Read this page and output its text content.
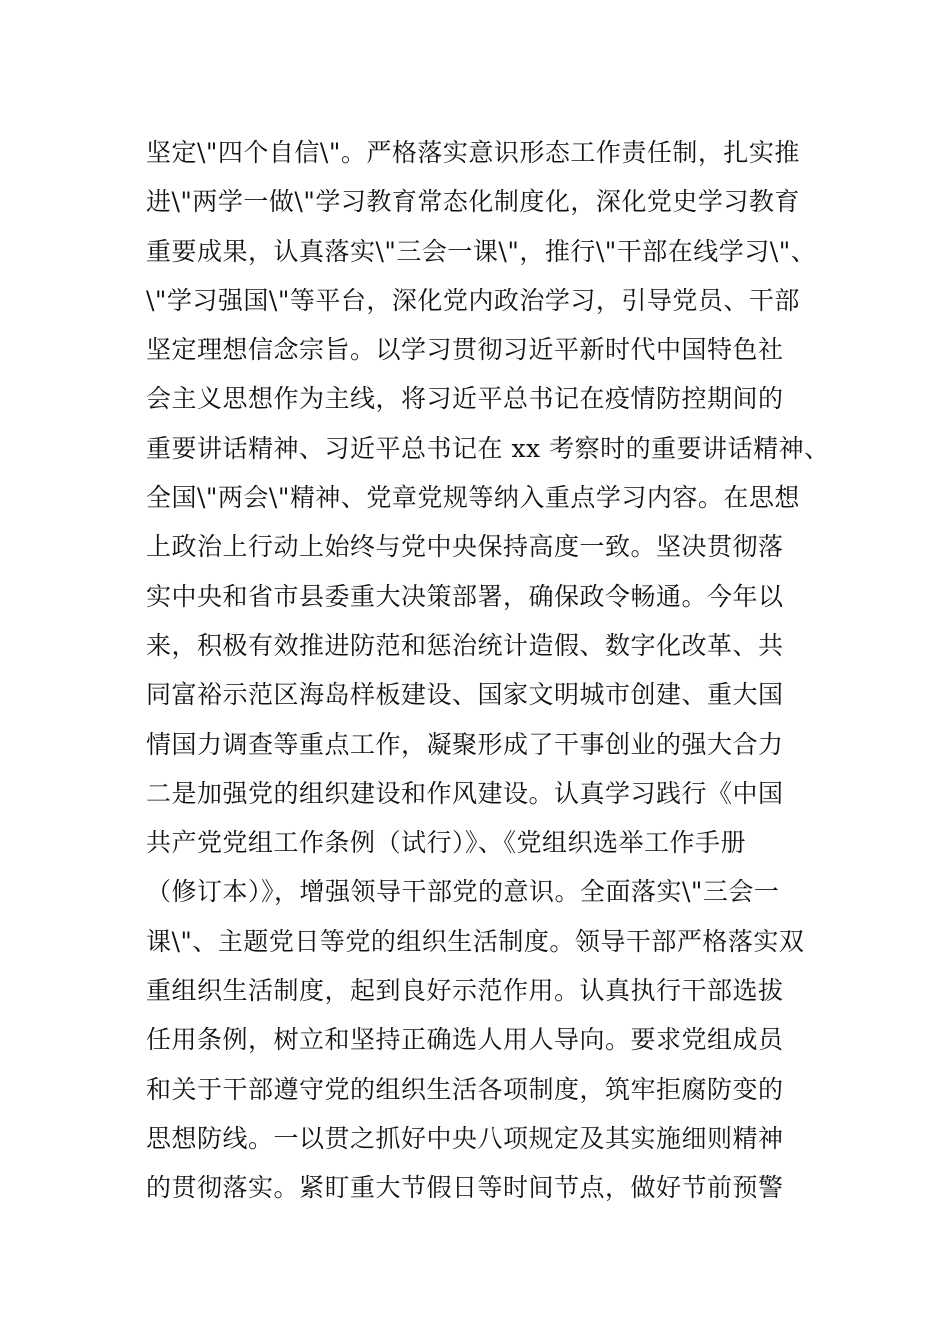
坚定\"四个自信\"。严格落实意识形态工作责任制，扎实推
进\"两学一做\"学习教育常态化制度化，深化党史学习教育
重要成果，认真落实\"三会一课\"，推行\"干部在线学习\"、
\"学习强国\"等平台，深化党内政治学习，引导党员、干部
坚定理想信念宗旨。以学习贯彻习近平新时代中国特色社
会主义思想作为主线，将习近平总书记在疫情防控期间的
重要讲话精神、习近平总书记在 xx 考察时的重要讲话精神、
全国\"两会\"精神、党章党规等纳入重点学习内容。在思想
上政治上行动上始终与党中央保持高度一致。坚决贯彻落
实中央和省市县委重大决策部署，确保政令畅通。今年以
来，积极有效推进防范和惩治统计造假、数字化改革、共
同富裕示范区海岛样板建设、国家文明城市创建、重大国
情国力调查等重点工作，凝聚形成了干事创业的强大合力
二是加强党的组织建设和作风建设。认真学习践行《中国
共产党党组工作条例（试行）》、《党组织选举工作手册
（修订本）》，增强领导干部党的意识。全面落实\"三会一
课\"、主题党日等党的组织生活制度。领导干部严格落实双
重组织生活制度，起到良好示范作用。认真执行干部选拔
任用条例，树立和坚持正确选人用人导向。要求党组成员
和关于干部遵守党的组织生活各项制度，筑牢拒腐防变的
思想防线。一以贯之抓好中央八项规定及其实施细则精神
的贯彻落实。紧盯重大节假日等时间节点，做好节前预警
